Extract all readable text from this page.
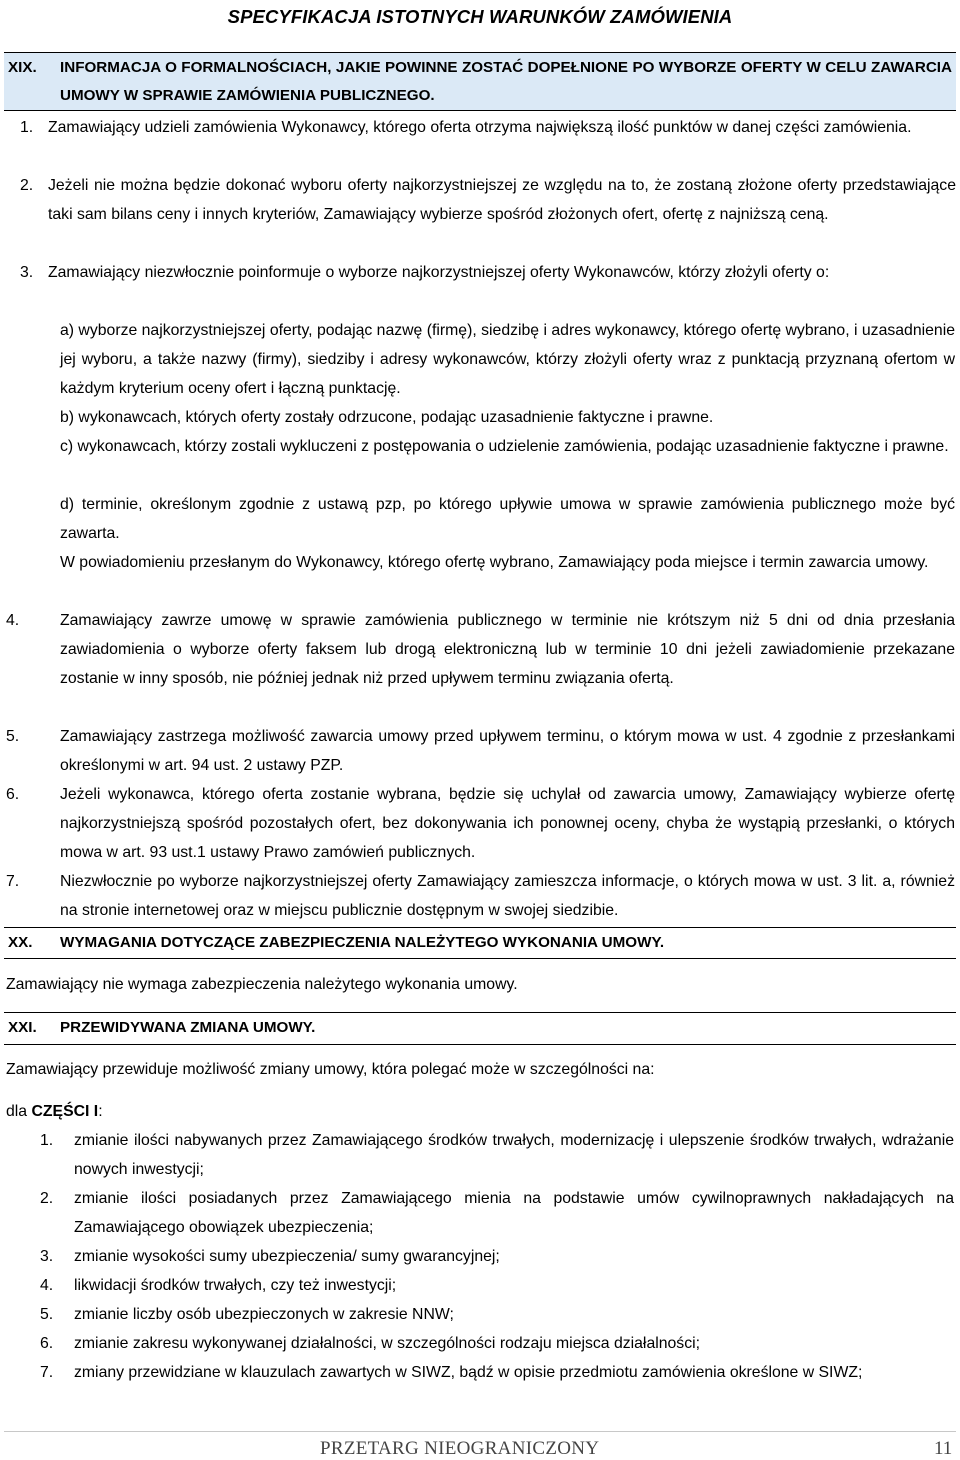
SPECYFIKACJA ISTOTNYCH WARUNKÓW ZAMÓWIENIA
XIX. INFORMACJA O FORMALNOŚCIACH, JAKIE POWINNE ZOSTAĆ DOPEŁNIONE PO WYBORZE OFERTY W CELU ZAWARCIA UMOWY W SPRAWIE ZAMÓWIENIA PUBLICZNEGO.
1. Zamawiający udzieli zamówienia Wykonawcy, którego oferta otrzyma największą ilość punktów w danej części zamówienia.
2. Jeżeli nie można będzie dokonać wyboru oferty najkorzystniejszej ze względu na to, że zostaną złożone oferty przedstawiające taki sam bilans ceny i innych kryteriów, Zamawiający wybierze spośród złożonych ofert, ofertę z najniższą ceną.
3. Zamawiający niezwłocznie poinformuje o wyborze najkorzystniejszej oferty Wykonawców, którzy złożyli oferty o:
a) wyborze najkorzystniejszej oferty, podając nazwę (firmę), siedzibę i adres wykonawcy, którego ofertę wybrano, i uzasadnienie jej wyboru, a także nazwy (firmy), siedziby i adresy wykonawców, którzy złożyli oferty wraz z punktacją przyznaną ofertom w każdym kryterium oceny ofert i łączną punktację.
b) wykonawcach, których oferty zostały odrzucone, podając uzasadnienie faktyczne i prawne.
c) wykonawcach, którzy zostali wykluczeni z postępowania o udzielenie zamówienia, podając uzasadnienie faktyczne i prawne.
d) terminie, określonym zgodnie z ustawą pzp, po którego upływie umowa w sprawie zamówienia publicznego może być zawarta.
W powiadomieniu przesłanym do Wykonawcy, którego ofertę wybrano, Zamawiający poda miejsce i termin zawarcia umowy.
4.	Zamawiający zawrze umowę w sprawie zamówienia publicznego w terminie nie krótszym niż 5 dni od dnia przesłania zawiadomienia o wyborze oferty faksem lub drogą elektroniczną lub w terminie 10 dni jeżeli zawiadomienie przekazane zostanie w inny sposób, nie później jednak niż przed upływem terminu związania ofertą.
5.	Zamawiający zastrzega możliwość zawarcia umowy przed upływem terminu, o którym mowa w ust. 4 zgodnie z przesłankami określonymi w art. 94 ust. 2 ustawy PZP.
6.	Jeżeli wykonawca, którego oferta zostanie wybrana, będzie się uchylał od zawarcia umowy, Zamawiający wybierze ofertę najkorzystniejszą spośród pozostałych ofert, bez dokonywania ich ponownej oceny, chyba że wystąpią przesłanki, o których mowa w art. 93 ust.1 ustawy Prawo zamówień publicznych.
7.	Niezwłocznie po wyborze najkorzystniejszej oferty Zamawiający zamieszcza informacje, o których mowa w ust. 3 lit. a, również na stronie internetowej oraz w miejscu publicznie dostępnym w swojej siedzibie.
XX. WYMAGANIA DOTYCZĄCE ZABEZPIECZENIA NALEŻYTEGO WYKONANIA UMOWY.
Zamawiający nie wymaga zabezpieczenia należytego wykonania umowy.
XXI. PRZEWIDYWANA ZMIANA UMOWY.
Zamawiający przewiduje możliwość zmiany umowy, która polegać może w szczególności na:
dla CZĘŚCI I:
1. zmianie ilości nabywanych przez Zamawiającego środków trwałych, modernizację i ulepszenie środków trwałych, wdrażanie nowych inwestycji;
2. zmianie ilości posiadanych przez Zamawiającego mienia na podstawie umów cywilnoprawnych nakładających na Zamawiającego obowiązek ubezpieczenia;
3. zmianie wysokości sumy ubezpieczenia/ sumy gwarancyjnej;
4. likwidacji środków trwałych, czy też inwestycji;
5. zmianie liczby osób ubezpieczonych w zakresie NNW;
6. zmianie zakresu wykonywanej działalności, w szczególności rodzaju miejsca działalności;
7. zmiany przewidziane w klauzulach zawartych w SIWZ, bądź w opisie przedmiotu zamówienia określone w SIWZ;
PRZETARG NIEOGRANICZONY	11
